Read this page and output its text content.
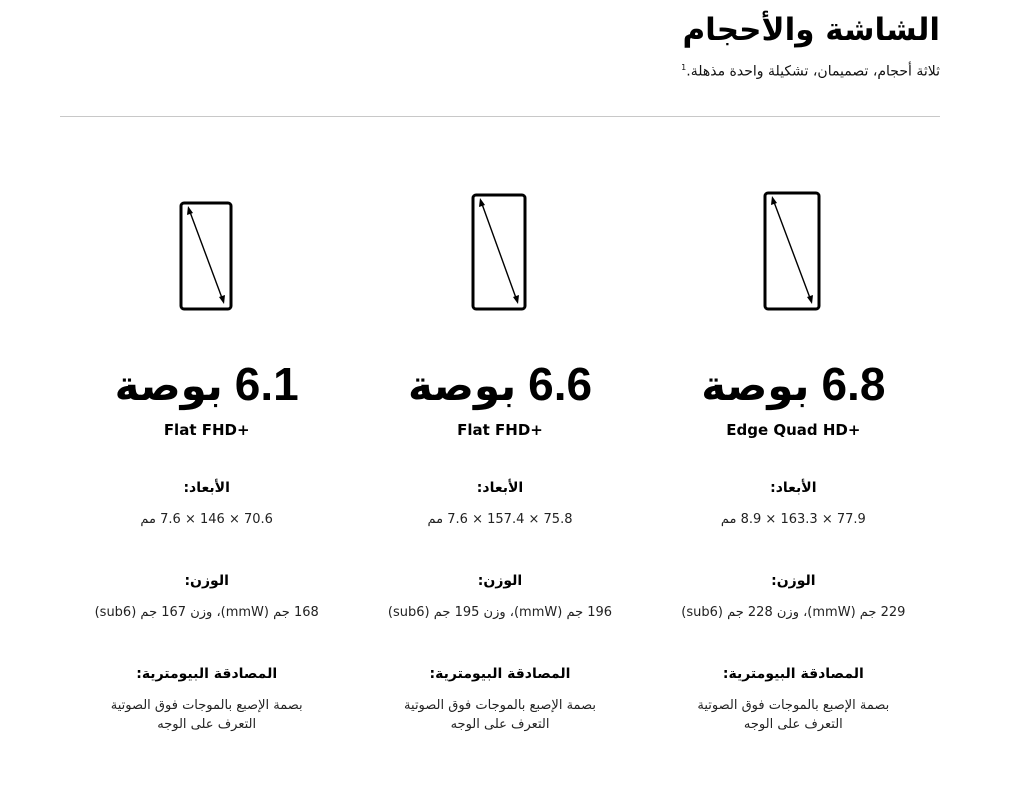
الشاشة والأحجام

ثلاثة أحجام، تصميمان، تشكيلة واحدة مذهلة.$^1$

6.8
بوصة
Edge Quad HD+
الأبعاد:
77.9 × 163.3 × 8.9 مم
الوزن:
229 جم (mmW)، وزن 228 جم (sub6)
المصادقة البيومترية:
بصمة الإصبع بالموجات فوق الصوتية
التعرف على الوجه
6.6
بوصة
Flat FHD+
الأبعاد:
75.8 × 157.4 × 7.6 مم
الوزن:
196 جم (mmW)، وزن 195 جم (sub6)
المصادقة البيومترية:
بصمة الإصبع بالموجات فوق الصوتية
التعرف على الوجه
6.1
بوصة
Flat FHD+
الأبعاد:
70.6 × 146 × 7.6 مم
الوزن:
168 جم (mmW)، وزن 167 جم (sub6)
المصادقة البيومترية:
بصمة الإصبع بالموجات فوق الصوتية
التعرف على الوجه
